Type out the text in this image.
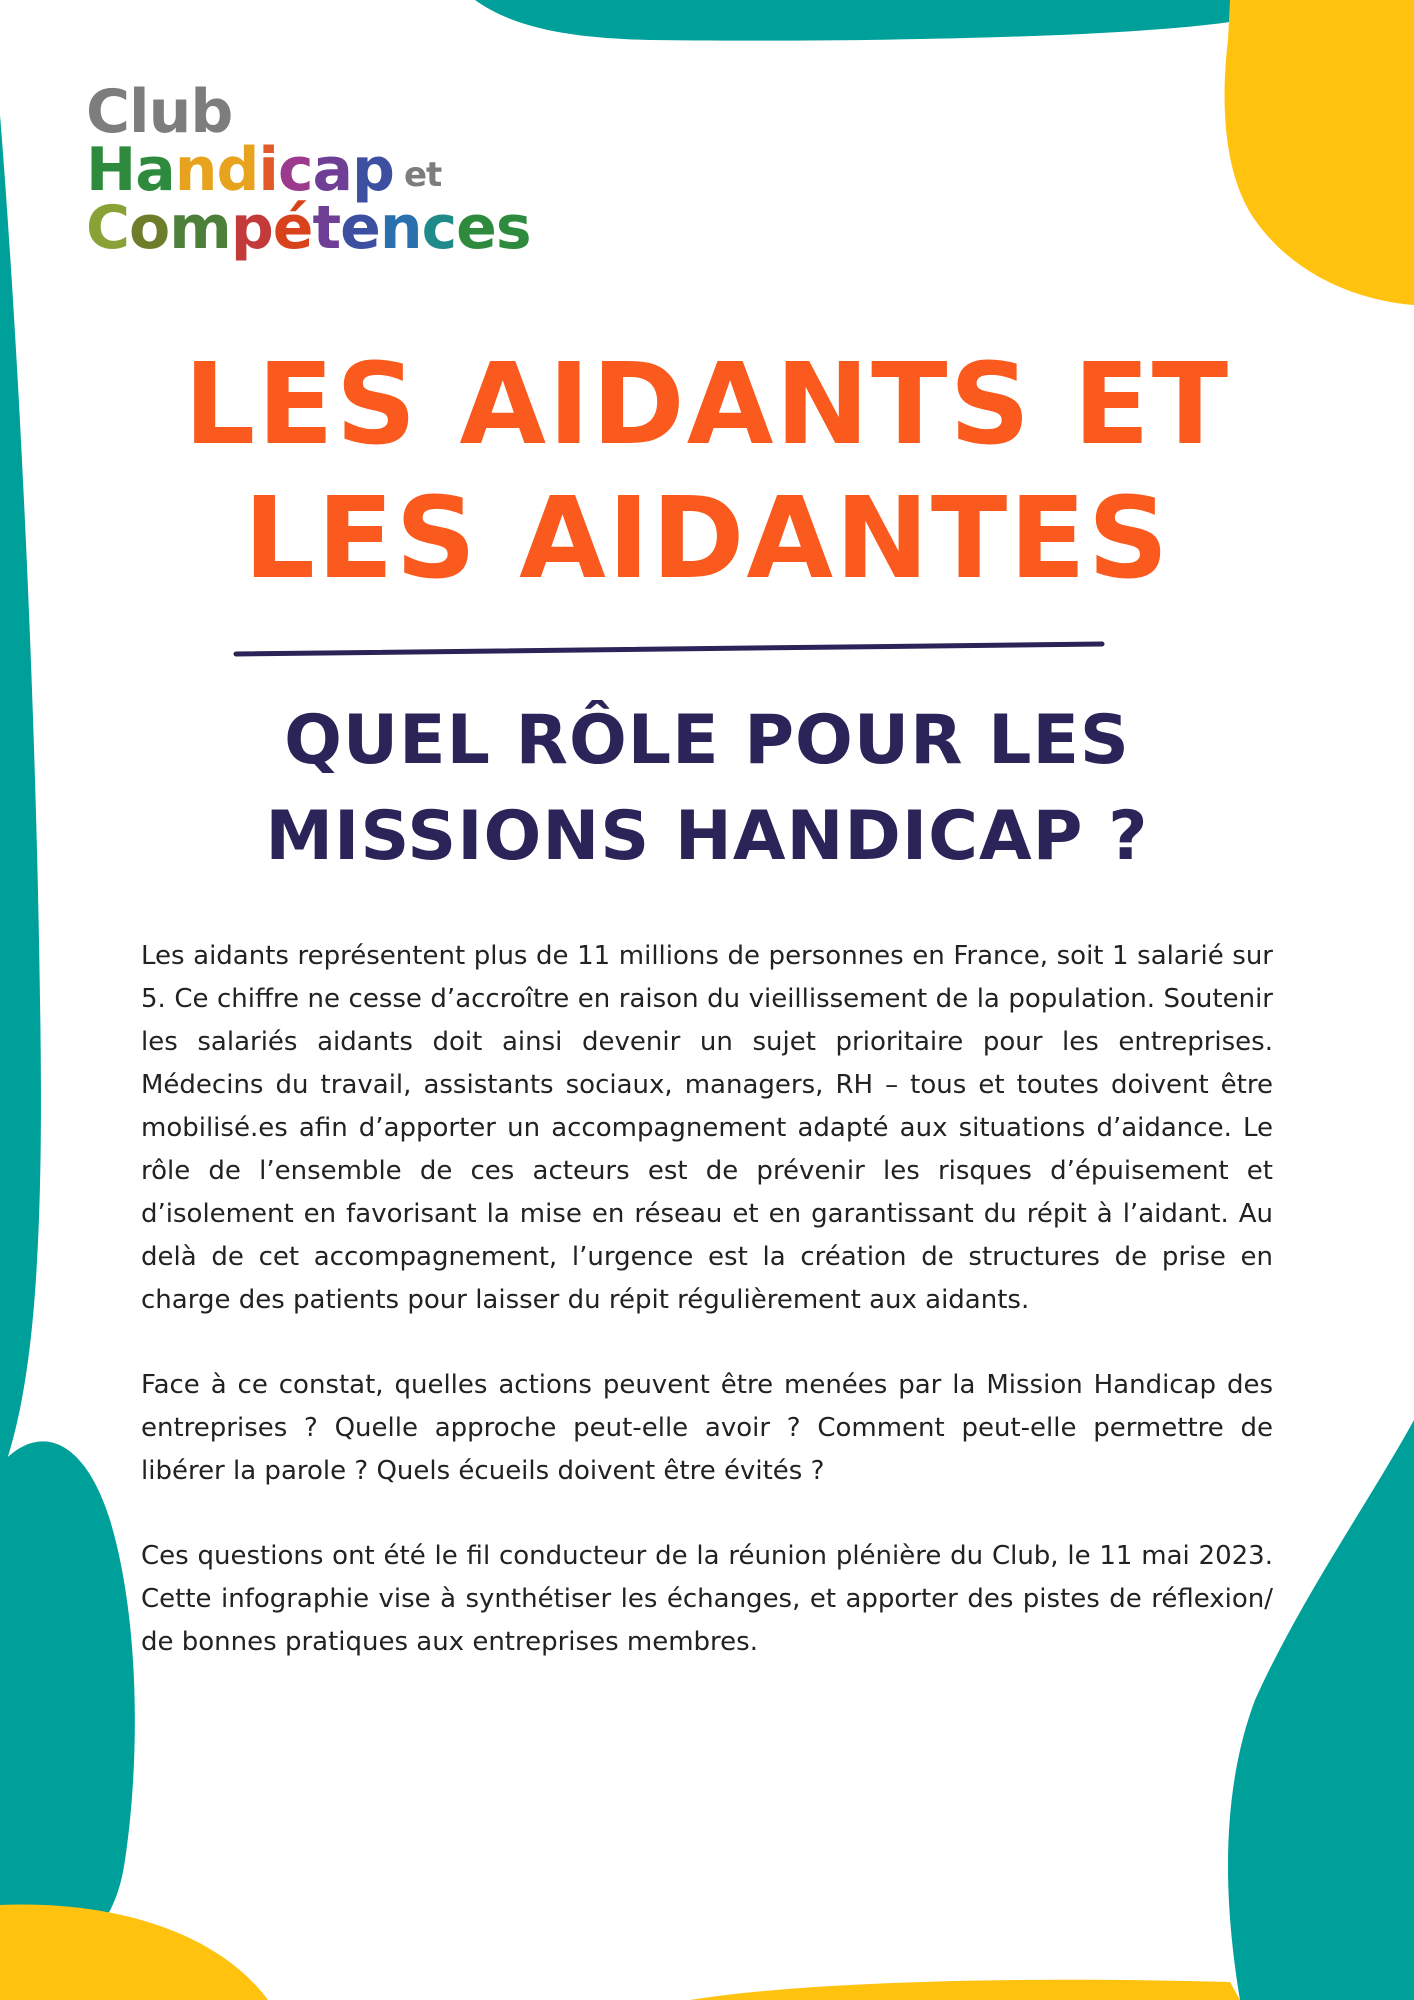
Club
Handicap et
Compétences
LES AIDANTS ET LES AIDANTES
QUEL RÔLE POUR LES MISSIONS HANDICAP ?

Les aidants représentent plus de 11 millions de personnes en France, soit 1 salarié sur 5. Ce chiffre ne cesse d’accroître en raison du vieillissement de la population. Soutenir les salariés aidants doit ainsi devenir un sujet prioritaire pour les entreprises. Médecins du travail, assistants sociaux, managers, RH – tous et toutes doivent être mobilisé.es afin d’apporter un accompagnement adapté aux situations d’aidance. Le rôle de l’ensemble de ces acteurs est de prévenir les risques d’épuisement et d’isolement en favorisant la mise en réseau et en garantissant du répit à l’aidant. Au delà de cet accompagnement, l’urgence est la création de structures de prise en charge des patients pour laisser du répit régulièrement aux aidants.

Face à ce constat, quelles actions peuvent être menées par la Mission Handicap des entreprises ? Quelle approche peut-elle avoir ? Comment peut-elle permettre de libérer la parole ? Quels écueils doivent être évités ?

Ces questions ont été le fil conducteur de la réunion plénière du Club, le 11 mai 2023. Cette infographie vise à synthétiser les échanges, et apporter des pistes de réflexion/ de bonnes pratiques aux entreprises membres.
